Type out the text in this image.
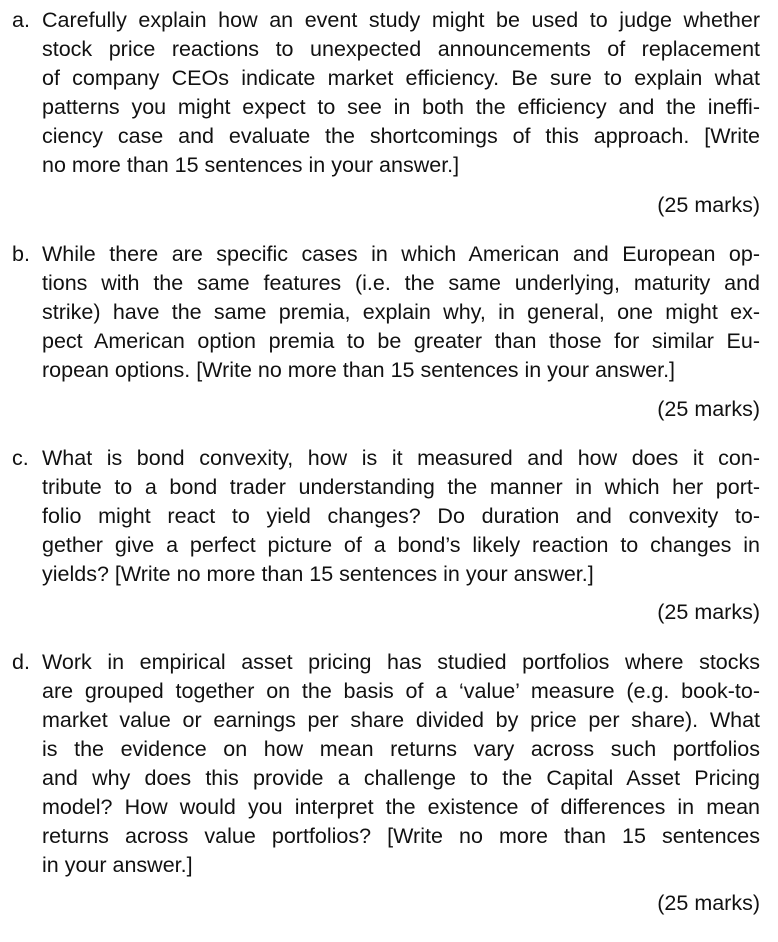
a. Carefully explain how an event study might be used to judge whether
stock price reactions to unexpected announcements of replacement
of company CEOs indicate market efficiency. Be sure to explain what
patterns you might expect to see in both the efficiency and the ineffi-
ciency case and evaluate the shortcomings of this approach. [Write
no more than 15 sentences in your answer.]
(25 marks)
b. While there are specific cases in which American and European op-
tions with the same features (i.e. the same underlying, maturity and
strike) have the same premia, explain why, in general, one might ex-
pect American option premia to be greater than those for similar Eu-
ropean options. [Write no more than 15 sentences in your answer.]
(25 marks)
c. What is bond convexity, how is it measured and how does it con-
tribute to a bond trader understanding the manner in which her port-
folio might react to yield changes? Do duration and convexity to-
gether give a perfect picture of a bond’s likely reaction to changes in
yields? [Write no more than 15 sentences in your answer.]
(25 marks)
d. Work in empirical asset pricing has studied portfolios where stocks
are grouped together on the basis of a ‘value’ measure (e.g. book-to-
market value or earnings per share divided by price per share). What
is the evidence on how mean returns vary across such portfolios
and why does this provide a challenge to the Capital Asset Pricing
model? How would you interpret the existence of differences in mean
returns across value portfolios? [Write no more than 15 sentences
in your answer.]
(25 marks)
